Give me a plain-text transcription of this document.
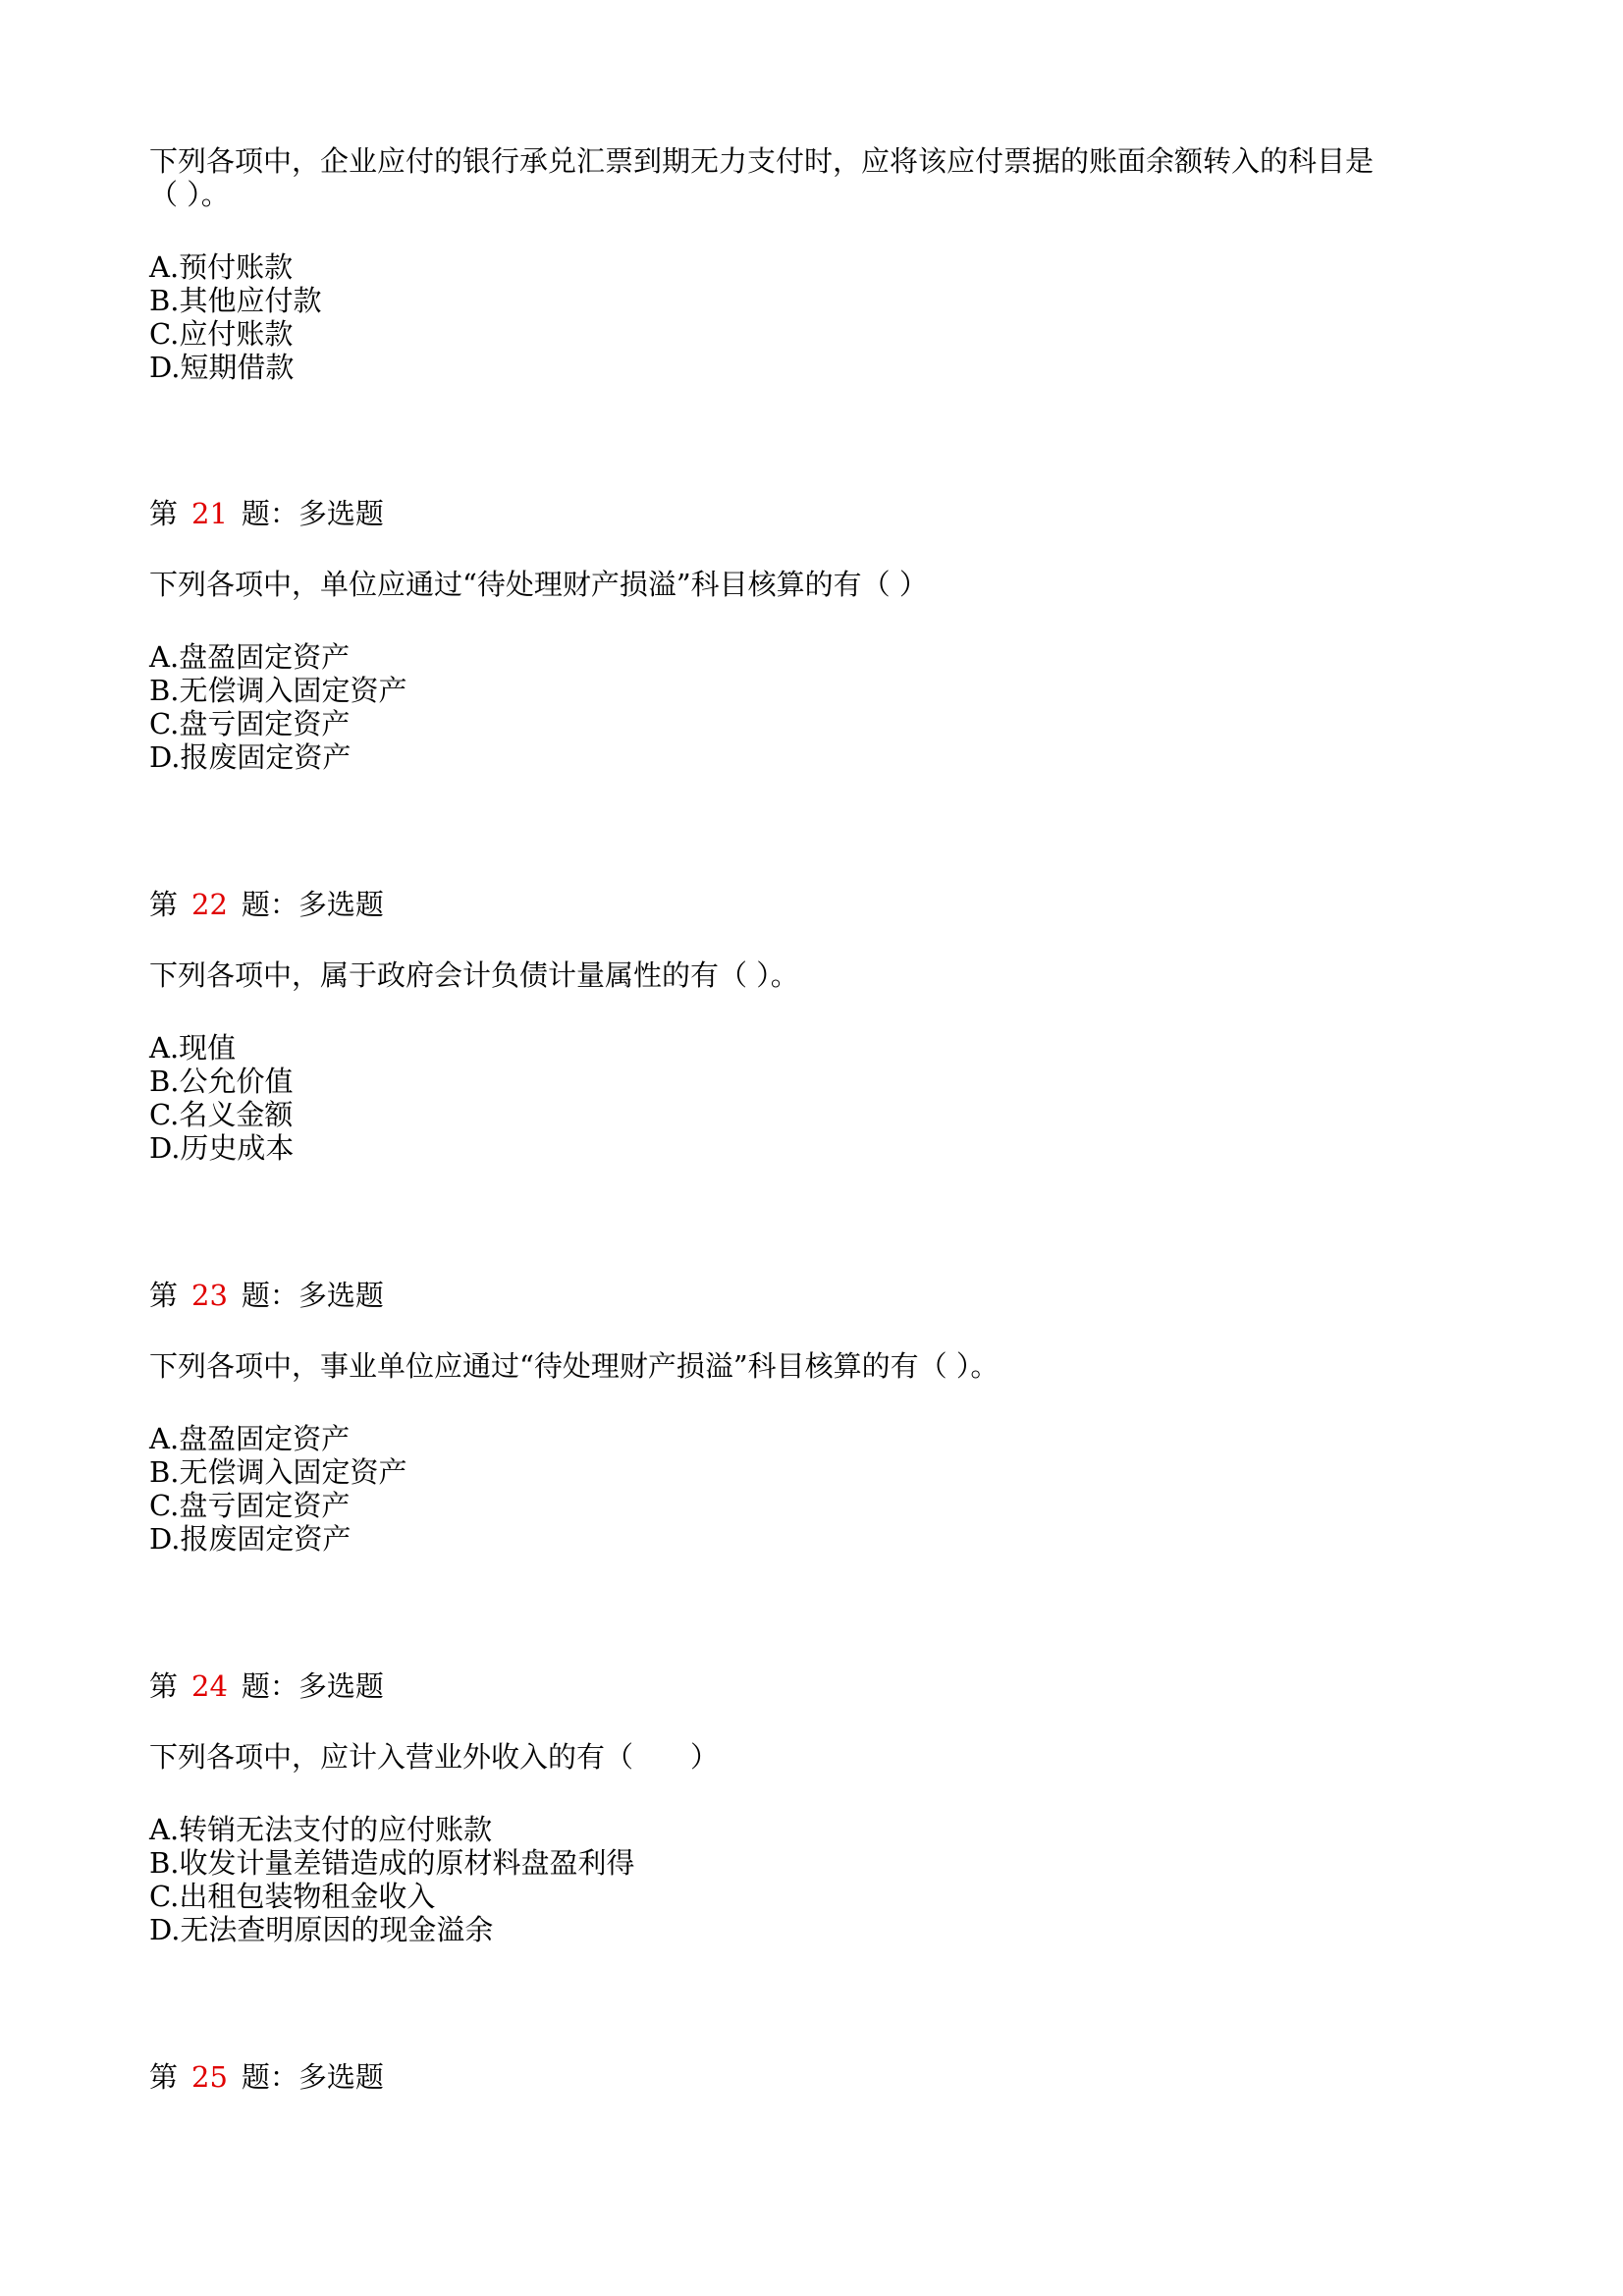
下列各项中，企业应付的银行承兑汇票到期无力支付时，应将该应付票据的账面余额转入的科目是
（ ）。
A.预付账款
B.其他应付款
C.应付账款
D.短期借款
第 21 题：多选题
下列各项中，单位应通过“待处理财产损溢”科目核算的有（ ）
A.盘盈固定资产
B.无偿调入固定资产
C.盘亏固定资产
D.报废固定资产
第 22 题：多选题
下列各项中，属于政府会计负债计量属性的有（ ）。
A.现值
B.公允价值
C.名义金额
D.历史成本
第 23 题：多选题
下列各项中，事业单位应通过“待处理财产损溢”科目核算的有（ ）。
A.盘盈固定资产
B.无偿调入固定资产
C.盘亏固定资产
D.报废固定资产
第 24 题：多选题
下列各项中，应计入营业外收入的有（　　）
A.转销无法支付的应付账款
B.收发计量差错造成的原材料盘盈利得
C.出租包装物租金收入
D.无法查明原因的现金溢余
第 25 题：多选题
